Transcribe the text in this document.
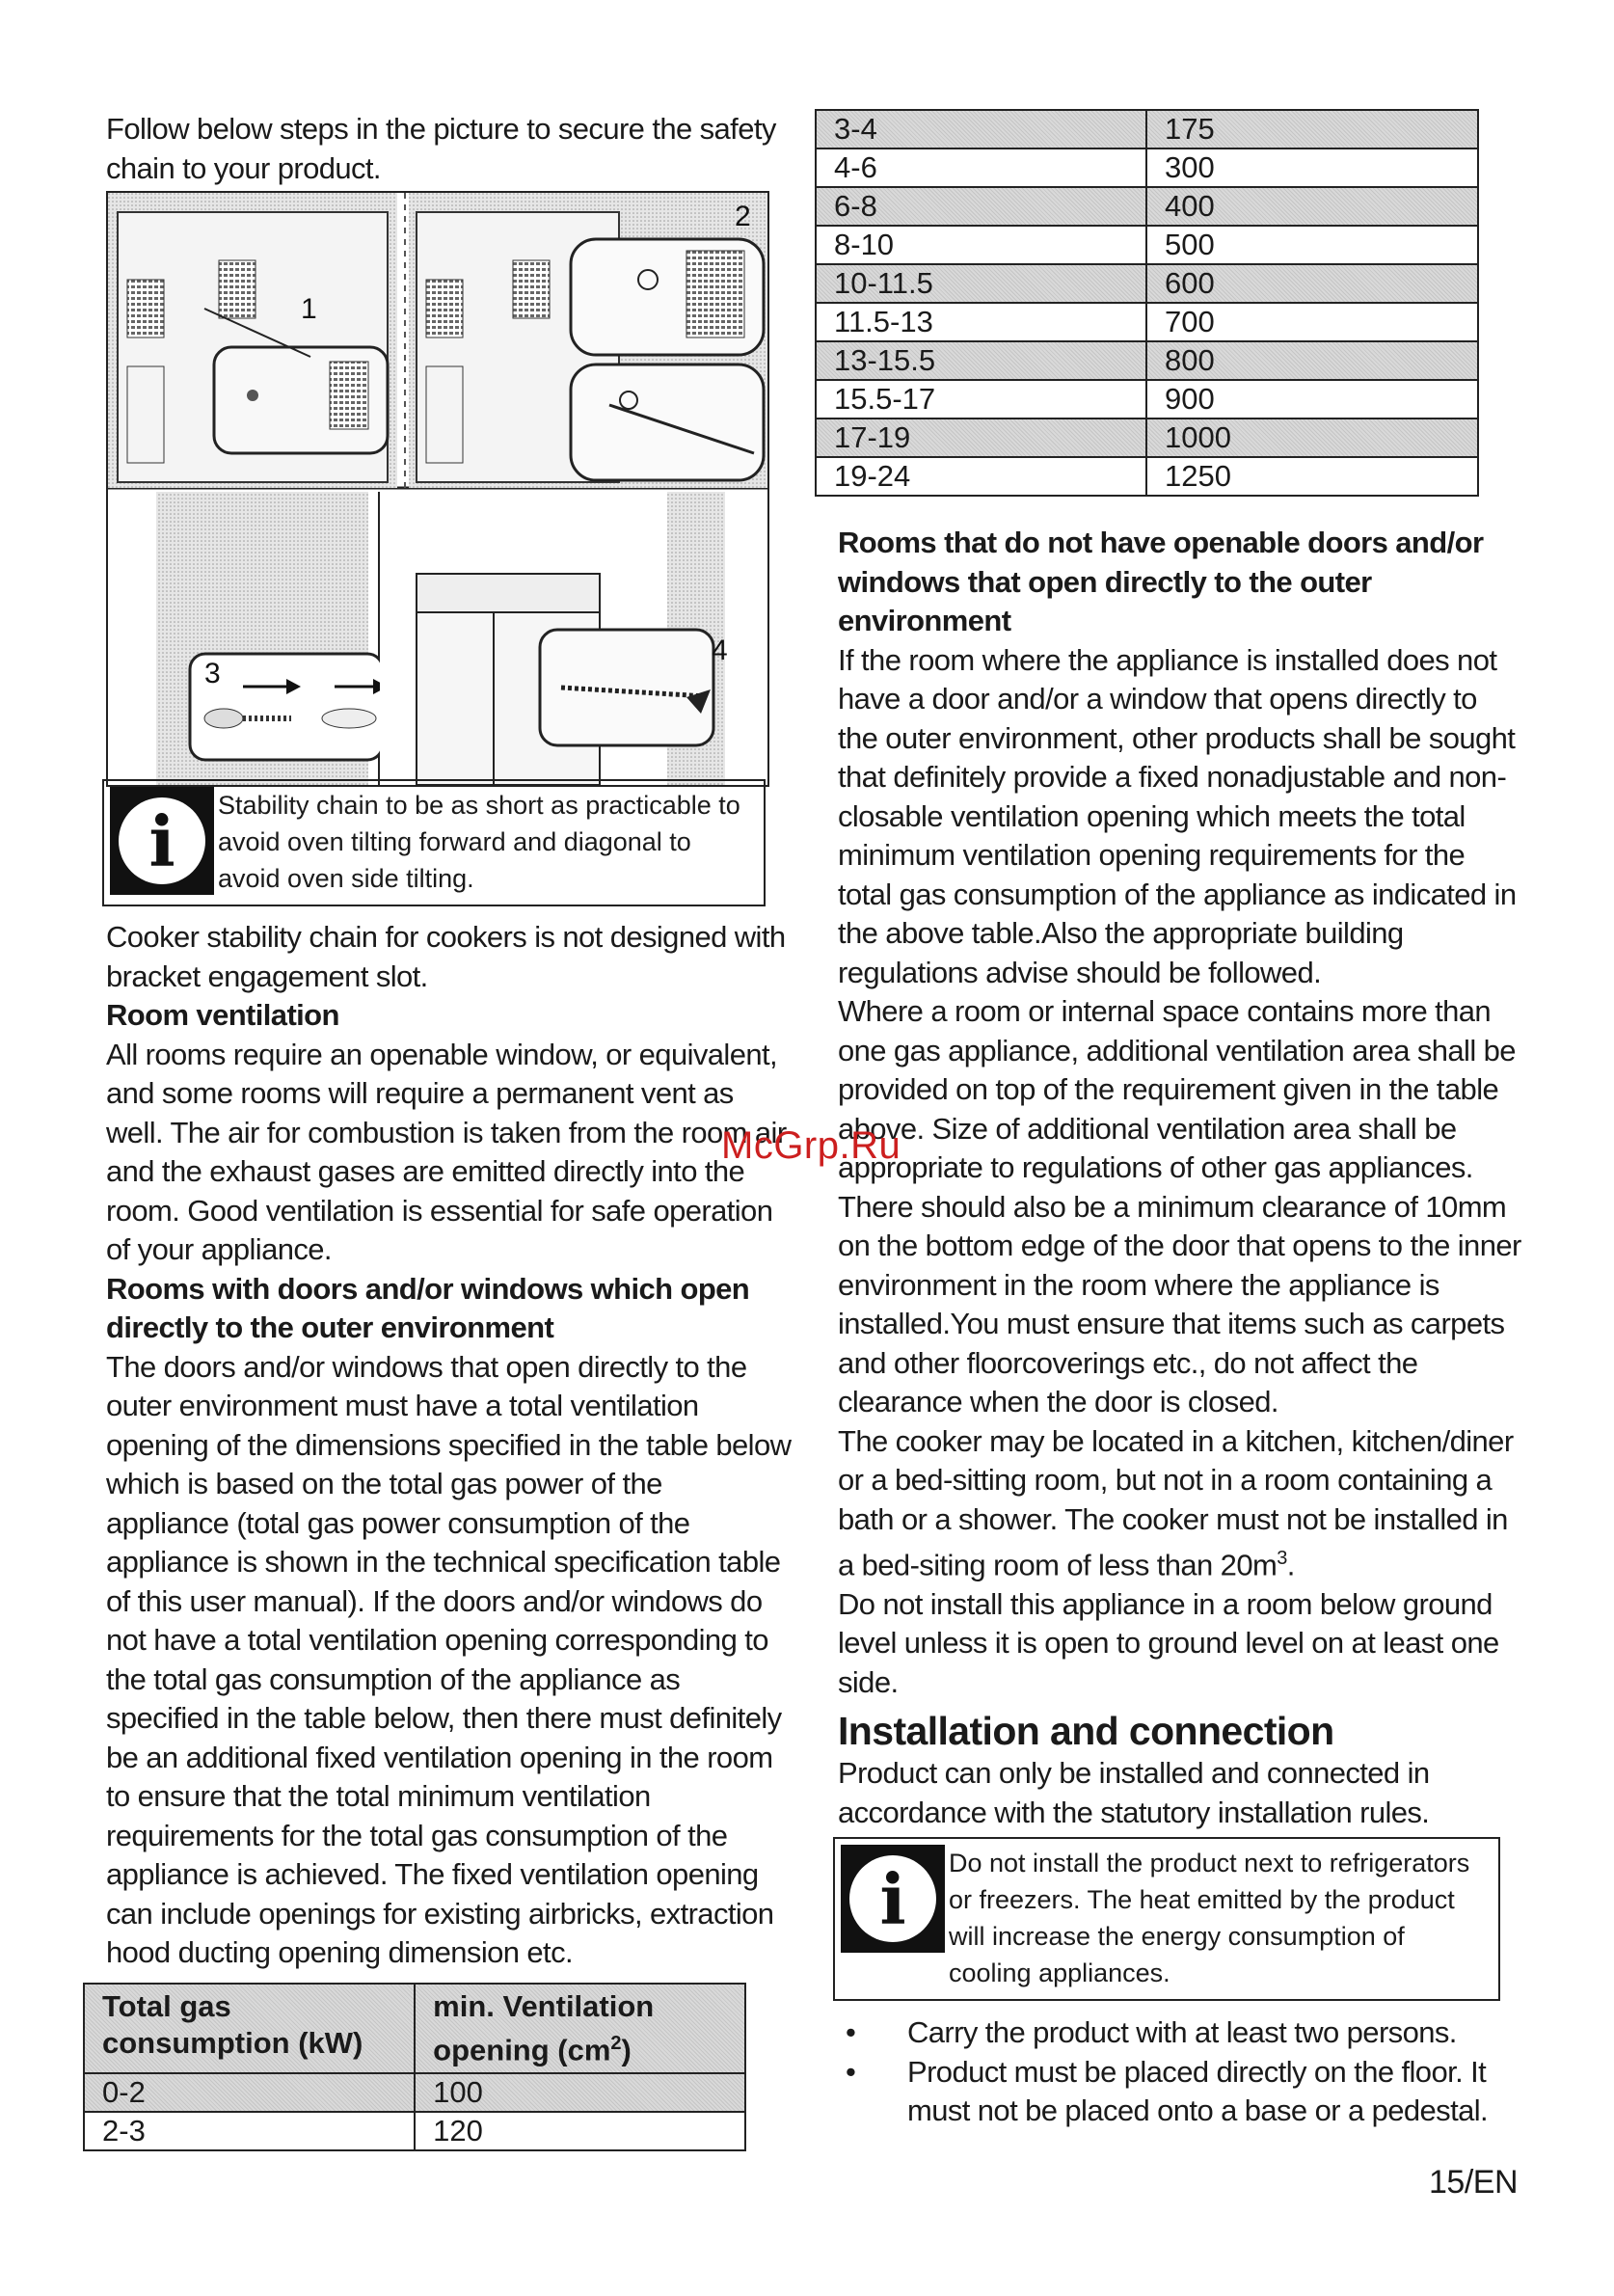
Follow below steps in the picture to secure the safety chain to your product.

1
2
3
4
i	Stability chain to be as short as practicable to avoid oven tilting forward and diagonal to avoid oven side tilting.

Cooker stability chain for cookers is not designed with bracket engagement slot.

Room ventilation

All rooms require an openable window, or equivalent, and some rooms will require a permanent vent as well. The air for combustion is taken from the room air and the exhaust gases are emitted directly into the room. Good ventilation is essential for safe operation of your appliance.

Rooms with doors and/or windows which open directly to the outer environment

The doors and/or windows that open directly to the outer environment must have a total ventilation opening of the dimensions specified in the table below which is based on the total gas power of the appliance (total gas power consumption of the appliance is shown in the technical specification table of this user manual). If the doors and/or windows do not have a total ventilation opening corresponding to the total gas consumption of the appliance as specified in the table below, then there must definitely be an additional fixed ventilation opening in the room to ensure that the total minimum ventilation requirements for the total gas consumption of the appliance is achieved. The fixed ventilation opening can include openings for existing airbricks, extraction hood ducting opening dimension etc.

Total gas
consumption (kW)	min. Ventilation
opening $(cm^2)$
0-2	100
2-3	120
3-4	175
4-6	300
6-8	400
8-10	500
10-11.5	600
11.5-13	700
13-15.5	800
15.5-17	900
17-19	1000
19-24	1250

Rooms that do not have openable doors and/or windows that open directly to the outer environment

If the room where the appliance is installed does not have a door and/or a window that opens directly to the outer environment, other products shall be sought that definitely provide a fixed nonadjustable and non-closable ventilation opening which meets the total minimum ventilation opening requirements for the total gas consumption of the appliance as indicated in the above table.Also the appropriate building regulations advise should be followed.

Where a room or internal space contains more than one gas appliance, additional ventilation area shall be provided on top of the requirement given in the table above. Size of additional ventilation area shall be appropriate to regulations of other gas appliances.

There should also be a minimum clearance of 10mm on the bottom edge of the door that opens to the inner environment in the room where the appliance is installed.You must ensure that items such as carpets and other floorcoverings etc., do not affect the clearance when the door is closed.

The cooker may be located in a kitchen, kitchen/diner or a bed-sitting room, but not in a room containing a bath or a shower. The cooker must not be installed in a bed-siting room of less than $20m^3$.

Do not install this appliance in a room below ground level unless it is open to ground level on at least one side.

Installation and connection

Product can only be installed and connected in accordance with the statutory installation rules.

i	Do not install the product next to refrigerators or freezers. The heat emitted by the product will increase the energy consumption of cooling appliances.
• Carry the product with at least two persons.
• Product must be placed directly on the floor. It must not be placed onto a base or a pedestal.
McGrp.Ru
15/EN
